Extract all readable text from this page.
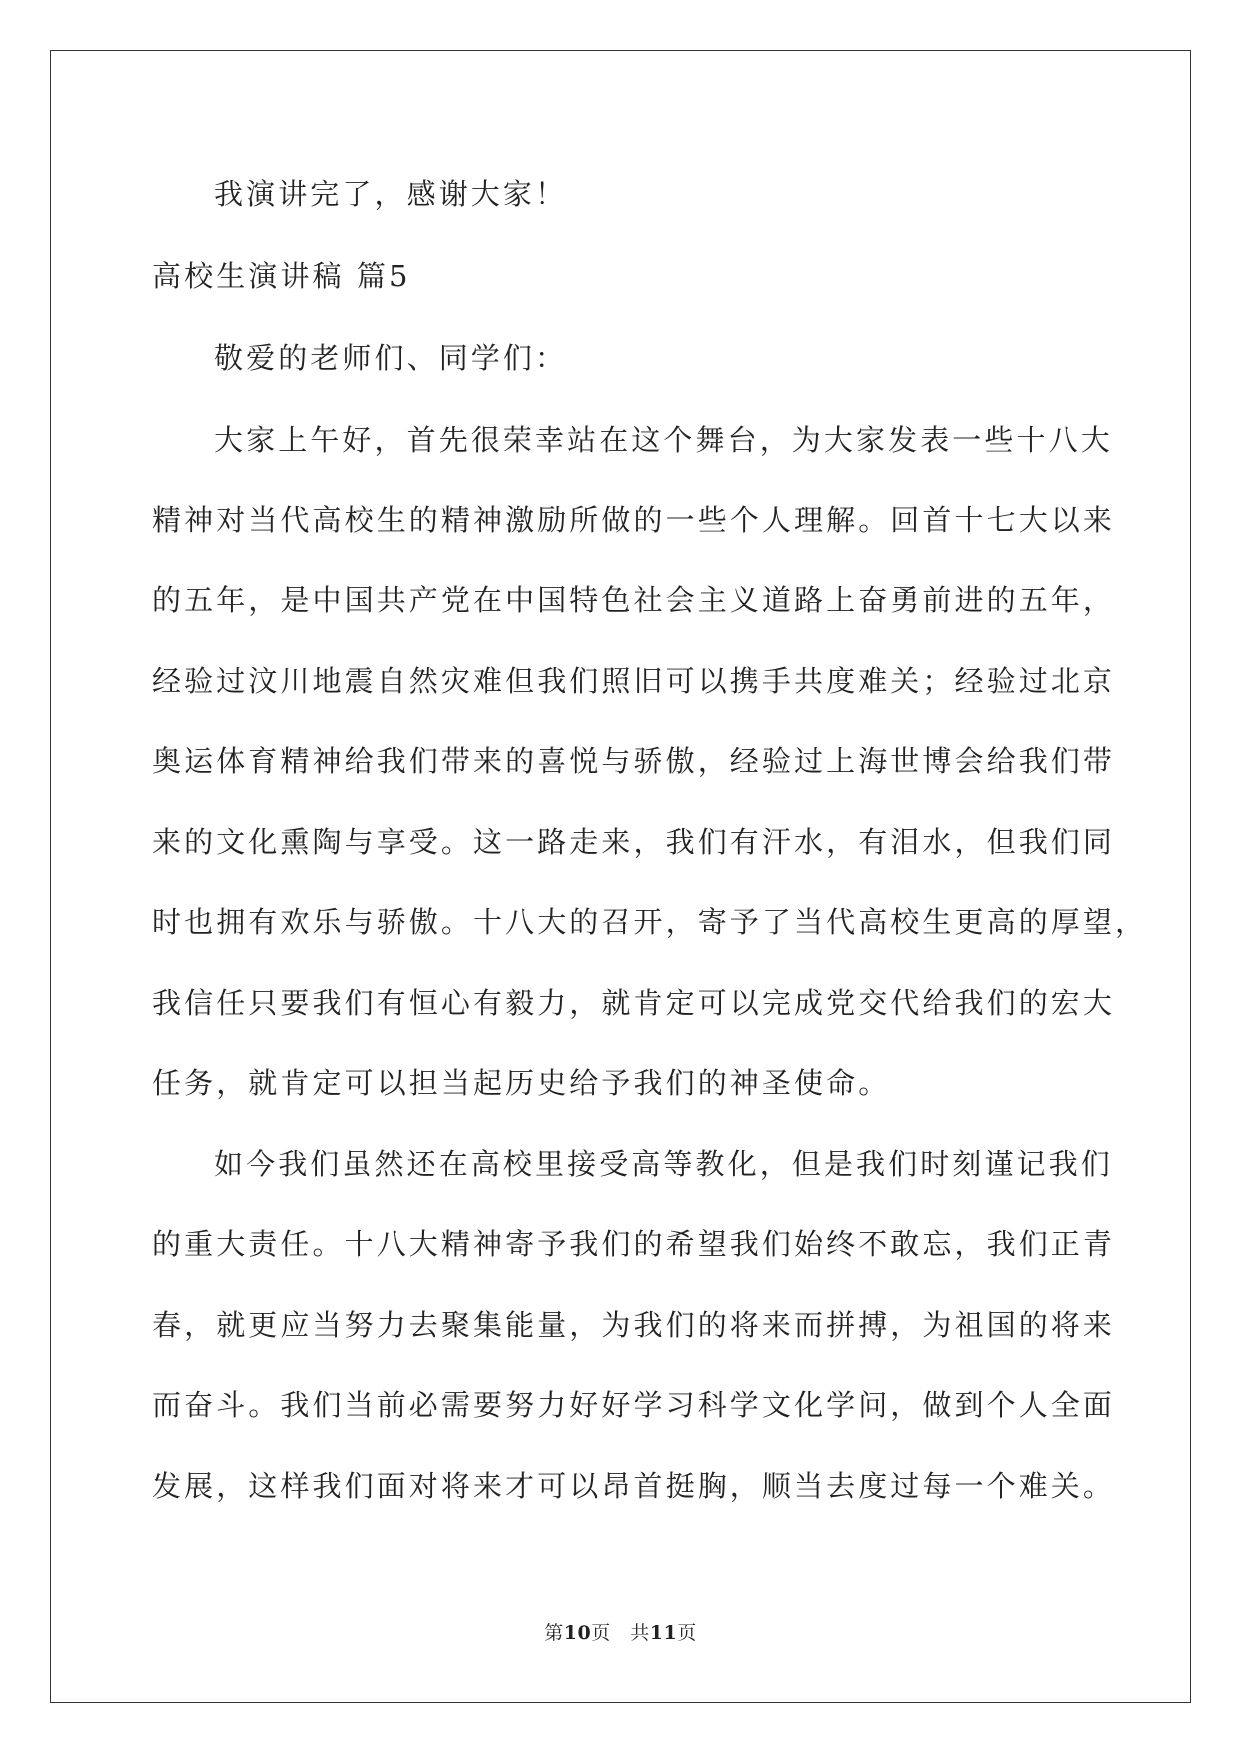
我演讲完了，感谢大家！
高校生演讲稿 篇5
敬爱的老师们、同学们：
大家上午好，首先很荣幸站在这个舞台，为大家发表一些十八大
精神对当代高校生的精神激励所做的一些个人理解。回首十七大以来
的五年，是中国共产党在中国特色社会主义道路上奋勇前进的五年，
经验过汶川地震自然灾难但我们照旧可以携手共度难关；经验过北京
奥运体育精神给我们带来的喜悦与骄傲，经验过上海世博会给我们带
来的文化熏陶与享受。这一路走来，我们有汗水，有泪水，但我们同
时也拥有欢乐与骄傲。十八大的召开，寄予了当代高校生更高的厚望，
我信任只要我们有恒心有毅力，就肯定可以完成党交代给我们的宏大
任务，就肯定可以担当起历史给予我们的神圣使命。
如今我们虽然还在高校里接受高等教化，但是我们时刻谨记我们
的重大责任。十八大精神寄予我们的希望我们始终不敢忘，我们正青
春，就更应当努力去聚集能量，为我们的将来而拼搏，为祖国的将来
而奋斗。我们当前必需要努力好好学习科学文化学问，做到个人全面
发展，这样我们面对将来才可以昂首挺胸，顺当去度过每一个难关。
第10页　共11页
